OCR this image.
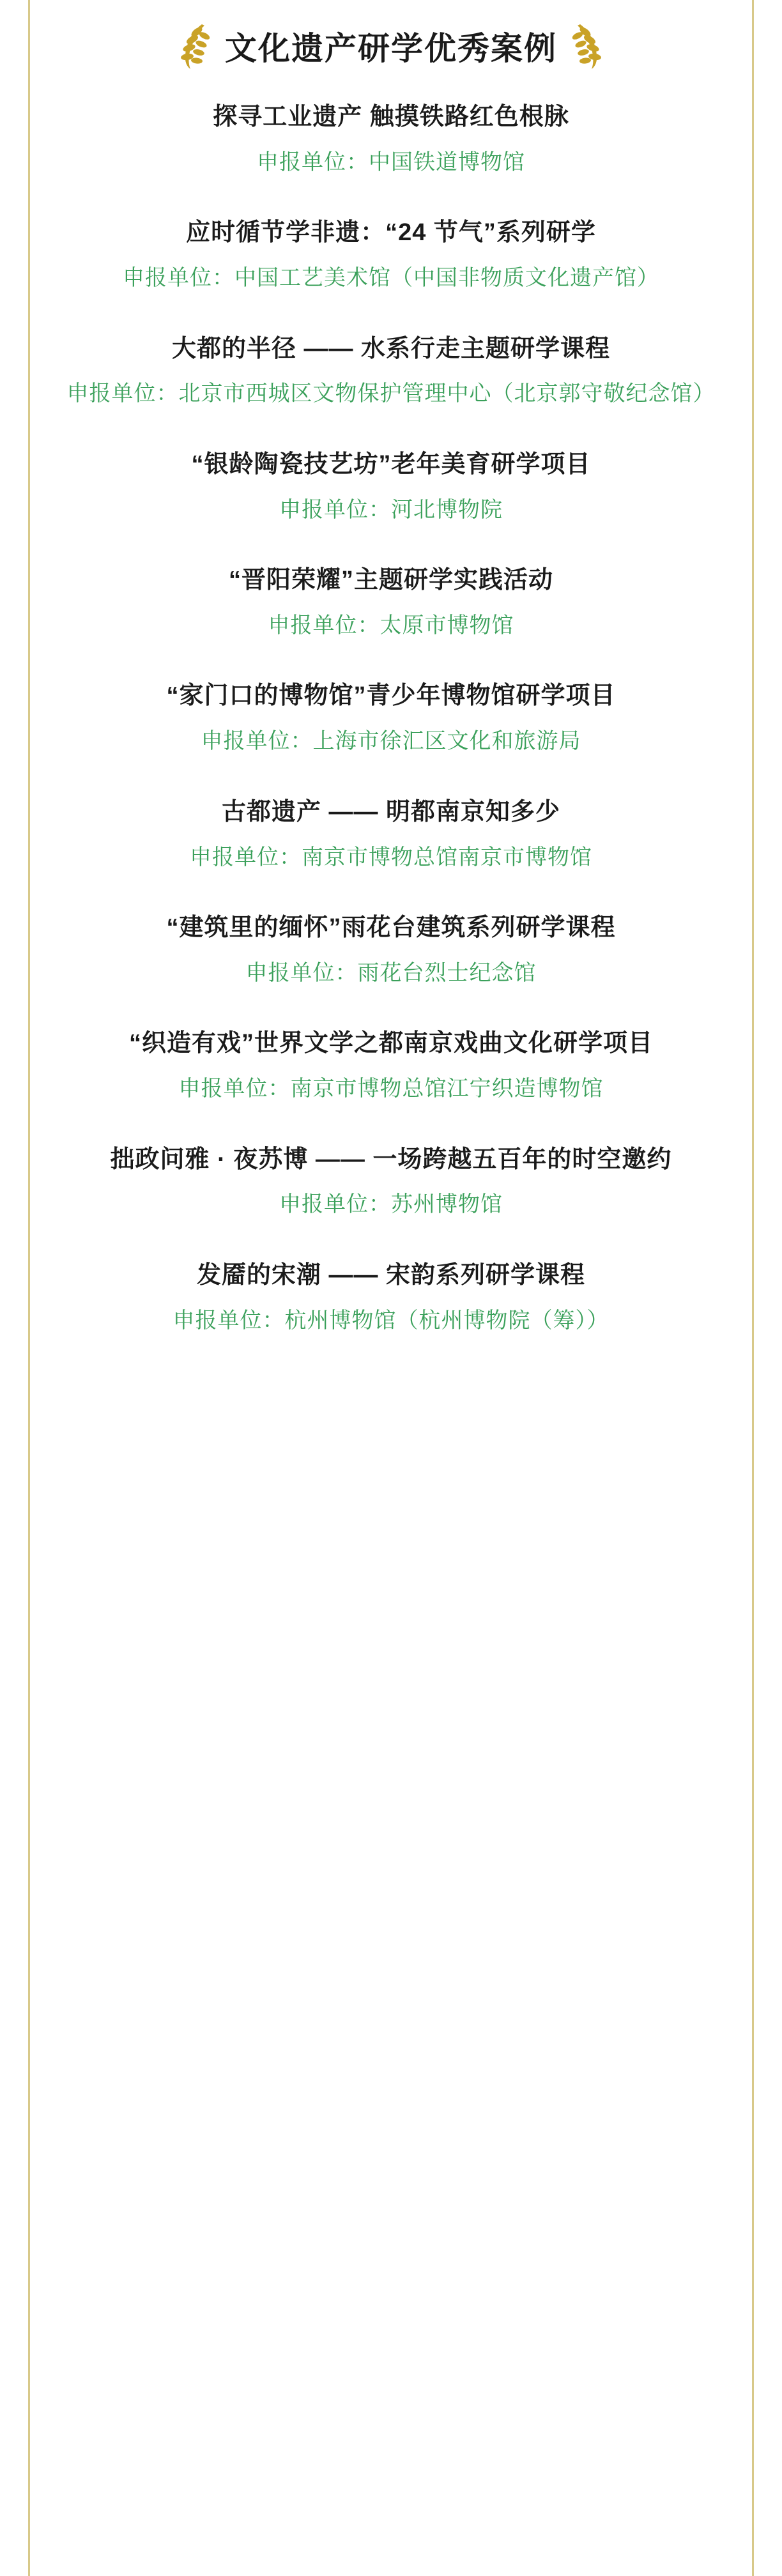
文化遗产研学优秀案例
探寻工业遗产 触摸铁路红色根脉
申报单位：中国铁道博物馆
应时循节学非遗：“24 节气”系列研学
申报单位：中国工艺美术馆（中国非物质文化遗产馆）
大都的半径 —— 水系行走主题研学课程
申报单位：北京市西城区文物保护管理中心（北京郭守敬纪念馆）
“银龄陶瓷技艺坊”老年美育研学项目
申报单位：河北博物院
“晋阳荣耀”主题研学实践活动
申报单位：太原市博物馆
“家门口的博物馆”青少年博物馆研学项目
申报单位：上海市徐汇区文化和旅游局
古都遗产 —— 明都南京知多少
申报单位：南京市博物总馆南京市博物馆
“建筑里的缅怀”雨花台建筑系列研学课程
申报单位：雨花台烈士纪念馆
“织造有戏”世界文学之都南京戏曲文化研学项目
申报单位：南京市博物总馆江宁织造博物馆
拙政问雅 · 夜苏博 —— 一场跨越五百年的时空邀约
申报单位：苏州博物馆
发靥的宋潮 —— 宋韵系列研学课程
申报单位：杭州博物馆（杭州博物院（筹））
